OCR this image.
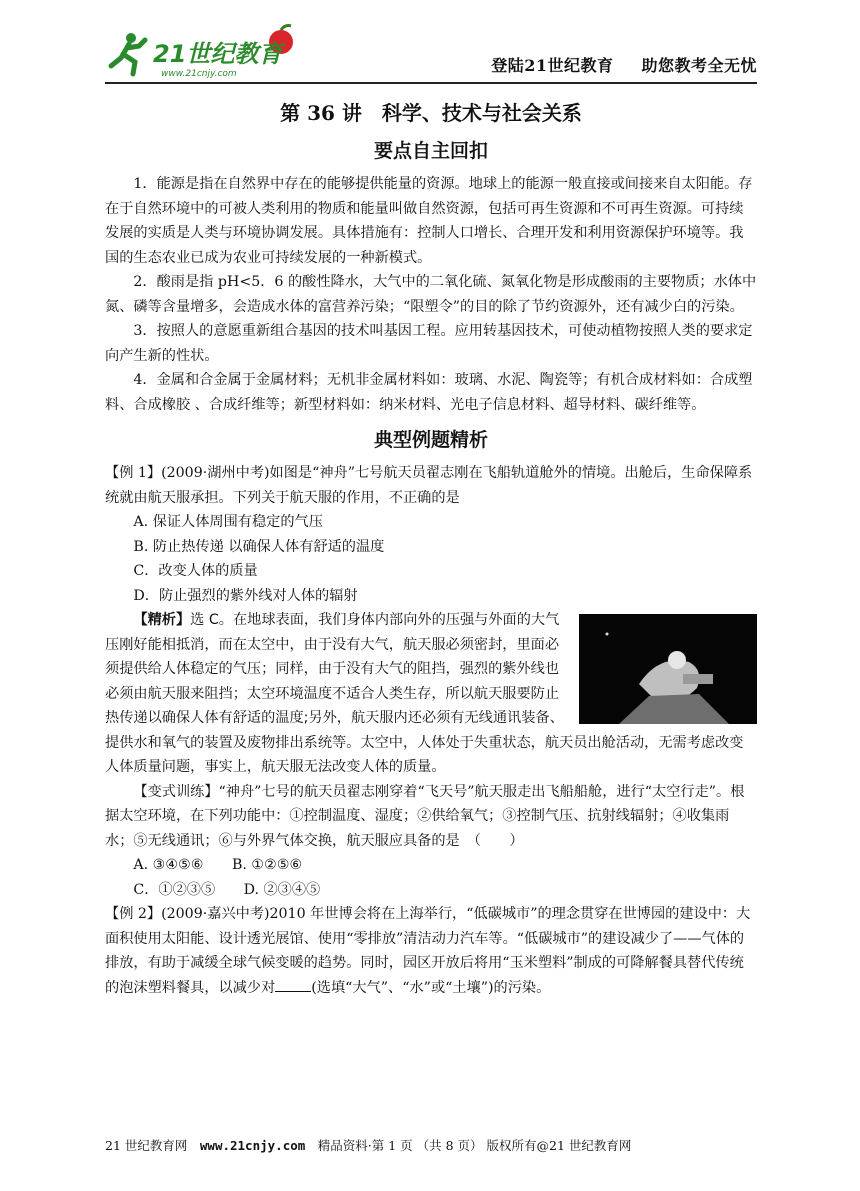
21世纪教育
www.21cnjy.com	登陆21世纪教育 助您教考全无忧
第 36 讲　科学、技术与社会关系
要点自主回扣

1．能源是指在自然界中存在的能够提供能量的资源。地球上的能源一般直接或间接来自太阳能。存在于自然环境中的可被人类利用的物质和能量叫做自然资源，包括可再生资源和不可再生资源。可持续发展的实质是人类与环境协调发展。具体措施有：控制人口增长、合理开发和利用资源保护环境等。我国的生态农业已成为农业可持续发展的一种新模式。

2．酸雨是指 pH<5．6 的酸性降水，大气中的二氧化硫、氮氧化物是形成酸雨的主要物质；水体中氮、磷等含量增多，会造成水体的富营养污染；“限塑令”的目的除了节约资源外，还有减少白的污染。

3．按照人的意愿重新组合基因的技术叫基因工程。应用转基因技术，可使动植物按照人类的要求定向产生新的性状。

4．金属和合金属于金属材料；无机非金属材料如：玻璃、水泥、陶瓷等；有机合成材料如：合成塑料、合成橡胶 、合成纤维等；新型材料如：纳米材料、光电子信息材料、超导材料、碳纤维等。

典型例题精析

【例 1】(2009·湖州中考)如图是“神舟”七号航天员翟志刚在飞船轨道舱外的情境。出舱后，生命保障系统就由航天服承担。下列关于航天服的作用，不正确的是

A. 保证人体周围有稳定的气压

B. 防止热传递 以确保人体有舒适的温度

C．改变人体的质量

D．防止强烈的紫外线对人体的辐射

【精析】选 C。在地球表面，我们身体内部向外的压强与外面的大气压刚好能相抵消，而在太空中，由于没有大气，航天服必须密封，里面必须提供给人体稳定的气压；同样，由于没有大气的阻挡，强烈的紫外线也必须由航天服来阻挡；太空环境温度不适合人类生存，所以航天服要防止热传递以确保人体有舒适的温度;另外，航天服内还必须有无线通讯装备、提供水和氧气的装置及废物排出系统等。太空中，人体处于失重状态，航天员出舱活动，无需考虑改变人体质量问题，事实上，航天服无法改变人体的质量。

【变式训练】“神舟”七号的航天员翟志刚穿着“飞天号”航天服走出飞船船舱，进行“太空行走”。根据太空环境，在下列功能中：①控制温度、湿度；②供给氧气；③控制气压、抗射线辐射；④收集雨水；⑤无线通讯；⑥与外界气体交换，航天服应具备的是　（　　）

A. ③④⑤⑥　　 B. ①②⑤⑥

C．①②③⑤　　 D. ②③④⑤

【例 2】(2009·嘉兴中考)2010 年世博会将在上海举行，“低碳城市”的理念贯穿在世博园的建设中：大面积使用太阳能、设计透光展馆、使用“零排放”清洁动力汽车等。“低碳城市”的建设减少了——气体的排放，有助于减缓全球气候变暖的趋势。同时，园区开放后将用“玉米塑料”制成的可降解餐具替代传统的泡沫塑料餐具，以减少对	(选填“大气”、“水”或“土壤”)的污染。

21 世纪教育网　 www.21cnjy.com　 精品资料·第 1 页 （共 8 页） 版权所有@21 世纪教育网
